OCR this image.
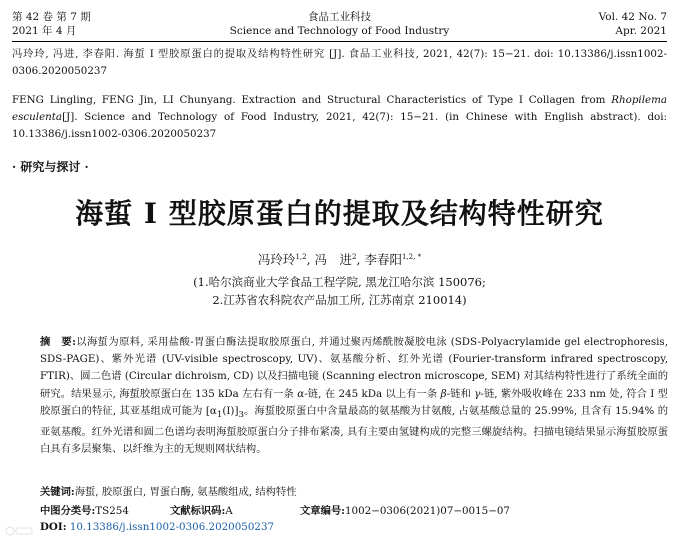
第 42 卷 第 7 期
2021 年 4 月
食品工业科技
Science and Technology of Food Industry
Vol. 42 No. 7
Apr. 2021
冯玲玲, 冯进, 李春阳. 海蜇 I 型胶原蛋白的提取及结构特性研究 [J]. 食品工业科技, 2021, 42(7): 15−21. doi: 10.13386/j.issn1002-0306.2020050237
FENG Lingling, FENG Jin, LI Chunyang. Extraction and Structural Characteristics of Type I Collagen from Rhopilema esculenta[J]. Science and Technology of Food Industry, 2021, 42(7): 15−21. (in Chinese with English abstract). doi: 10.13386/j.issn1002-0306.2020050237
· 研究与探讨 ·
海蜇 I 型胶原蛋白的提取及结构特性研究
冯玲玲$^{1,2}$, 冯　进$^2$, 李春阳$^{1,2, *}$
(1.哈尔滨商业大学食品工程学院, 黑龙江哈尔滨 150076;
2.江苏省农科院农产品加工所, 江苏南京 210014)
摘　要:以海蜇为原料, 采用盐酸-胃蛋白酶法提取胶原蛋白, 并通过聚丙烯酰胺凝胶电泳 (SDS-Polyacrylamide gel electrophoresis, SDS-PAGE)、紫外光谱 (UV-visible spectroscopy, UV)、氨基酸分析、红外光谱 (Fourier-transform infrared spectroscopy, FTIR)、圆二色谱 (Circular dichroism, CD) 以及扫描电镜 (Scanning electron microscope, SEM) 对其结构特性进行了系统全面的研究。结果显示, 海蜇胶原蛋白在 135 kDa 左右有一条 α-链, 在 245 kDa 以上有一条 β-链和 γ-链, 紫外吸收峰在 233 nm 处, 符合 I 型胶原蛋白的特征, 其亚基组成可能为 $[\alpha_1(I)]_3$。海蜇胶原蛋白中含量最高的氨基酸为甘氨酸, 占氨基酸总量的 25.99%, 且含有 15.94% 的亚氨基酸。红外光谱和圆二色谱均表明海蜇胶原蛋白分子排布紧凑, 具有主要由氢键构成的完整三螺旋结构。扫描电镜结果显示海蜇胶原蛋白具有多层聚集、以纤维为主的无规则网状结构。
关键词:海蜇, 胶原蛋白, 胃蛋白酶, 氨基酸组成, 结构特性
中图分类号:TS254	文献标识码:A	文章编号:1002−0306(2021)07−0015−07
DOI: 10.13386/j.issn1002-0306.2020050237
